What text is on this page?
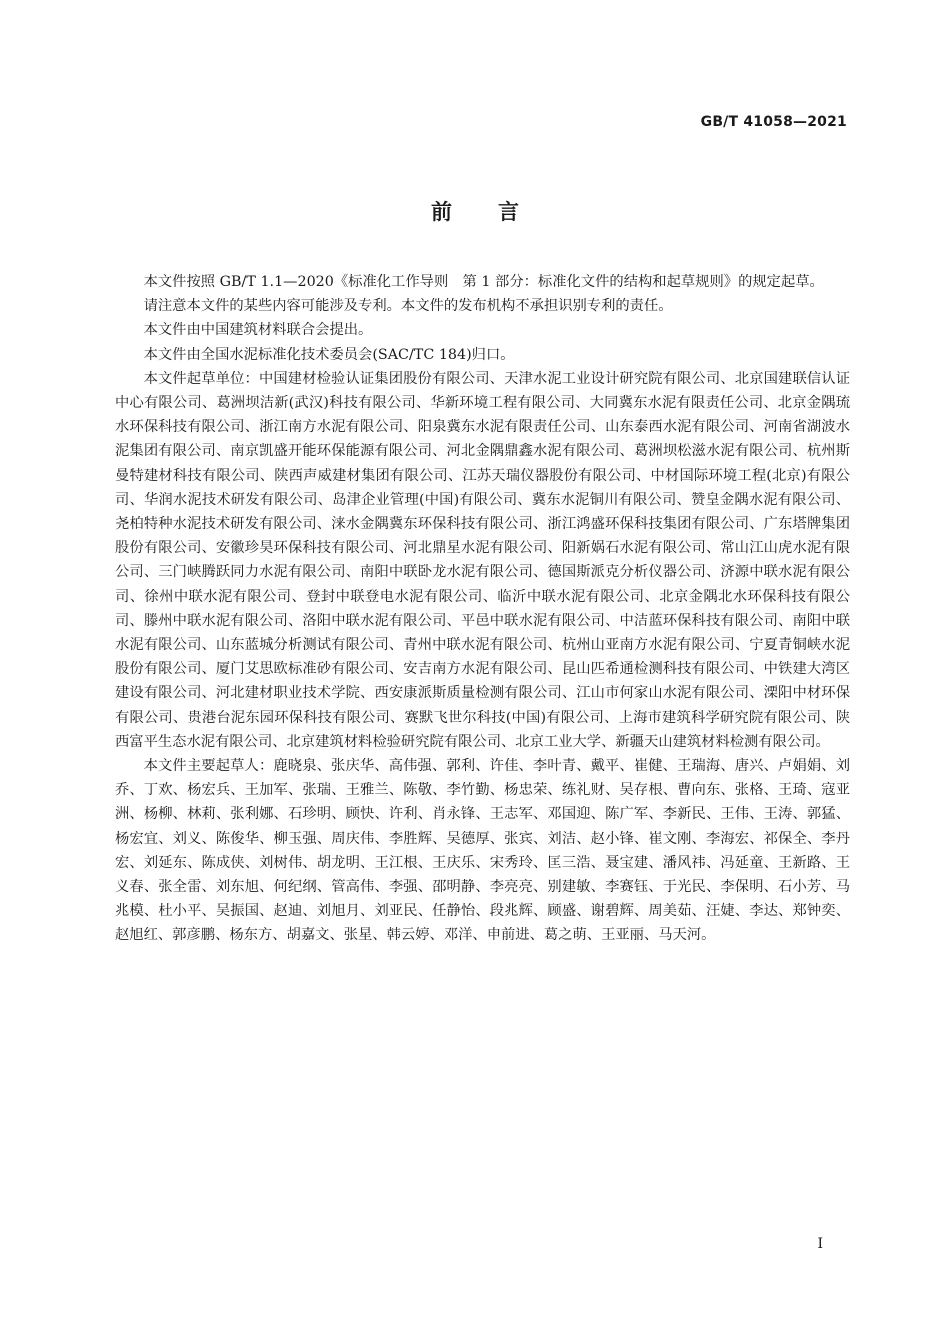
GB/T 41058—2021
前言

本文件按照 GB/T 1.1—2020《标准化工作导则　第 1 部分：标准化文件的结构和起草规则》的规定起草。

请注意本文件的某些内容可能涉及专利。本文件的发布机构不承担识别专利的责任。

本文件由中国建筑材料联合会提出。

本文件由全国水泥标准化技术委员会(SAC/TC 184)归口。

本文件起草单位：中国建材检验认证集团股份有限公司、天津水泥工业设计研究院有限公司、北京国建联信认证中心有限公司、葛洲坝洁新(武汉)科技有限公司、华新环境工程有限公司、大同冀东水泥有限责任公司、北京金隅琉水环保科技有限公司、浙江南方水泥有限公司、阳泉冀东水泥有限责任公司、山东泰西水泥有限公司、河南省湖波水泥集团有限公司、南京凯盛开能环保能源有限公司、河北金隅鼎鑫水泥有限公司、葛洲坝松滋水泥有限公司、杭州斯曼特建材科技有限公司、陕西声威建材集团有限公司、江苏天瑞仪器股份有限公司、中材国际环境工程(北京)有限公司、华润水泥技术研发有限公司、岛津企业管理(中国)有限公司、冀东水泥铜川有限公司、赞皇金隅水泥有限公司、尧柏特种水泥技术研发有限公司、涞水金隅冀东环保科技有限公司、浙江鸿盛环保科技集团有限公司、广东塔牌集团股份有限公司、安徽珍昊环保科技有限公司、河北鼎星水泥有限公司、阳新娲石水泥有限公司、常山江山虎水泥有限公司、三门峡腾跃同力水泥有限公司、南阳中联卧龙水泥有限公司、德国斯派克分析仪器公司、济源中联水泥有限公司、徐州中联水泥有限公司、登封中联登电水泥有限公司、临沂中联水泥有限公司、北京金隅北水环保科技有限公司、滕州中联水泥有限公司、洛阳中联水泥有限公司、平邑中联水泥有限公司、中洁蓝环保科技有限公司、南阳中联水泥有限公司、山东蓝城分析测试有限公司、青州中联水泥有限公司、杭州山亚南方水泥有限公司、宁夏青铜峡水泥股份有限公司、厦门艾思欧标准砂有限公司、安吉南方水泥有限公司、昆山匹希通检测科技有限公司、中铁建大湾区建设有限公司、河北建材职业技术学院、西安康派斯质量检测有限公司、江山市何家山水泥有限公司、溧阳中材环保有限公司、贵港台泥东园环保科技有限公司、赛默飞世尔科技(中国)有限公司、上海市建筑科学研究院有限公司、陕西富平生态水泥有限公司、北京建筑材料检验研究院有限公司、北京工业大学、新疆天山建筑材料检测有限公司。

本文件主要起草人：鹿晓泉、张庆华、高伟强、郭利、许佳、李叶青、戴平、崔健、王瑞海、唐兴、卢娟娟、刘乔、丁欢、杨宏兵、王加军、张瑞、王雅兰、陈敬、李竹勤、杨忠荣、练礼财、吴存根、曹向东、张格、王琦、寇亚洲、杨柳、林莉、张利娜、石珍明、顾快、许利、肖永锋、王志军、邓国迎、陈广军、李新民、王伟、王涛、郭猛、杨宏宜、刘义、陈俊华、柳玉强、周庆伟、李胜辉、吴德厚、张宾、刘洁、赵小锋、崔文刚、李海宏、祁保全、李丹宏、刘延东、陈成侠、刘树伟、胡龙明、王江根、王庆乐、宋秀玲、匡三浩、聂宝建、潘风祎、冯延童、王新路、王义春、张全雷、刘东旭、何纪纲、管高伟、李强、邵明静、李亮亮、别建敏、李赛钰、于光民、李保明、石小芳、马兆模、杜小平、吴振国、赵迪、刘旭月、刘亚民、任静怡、段兆辉、顾盛、谢碧辉、周美茹、汪婕、李达、郑钟奕、赵旭红、郭彦鹏、杨东方、胡嘉文、张星、韩云婷、邓洋、申前进、葛之萌、王亚丽、马天河。

I
